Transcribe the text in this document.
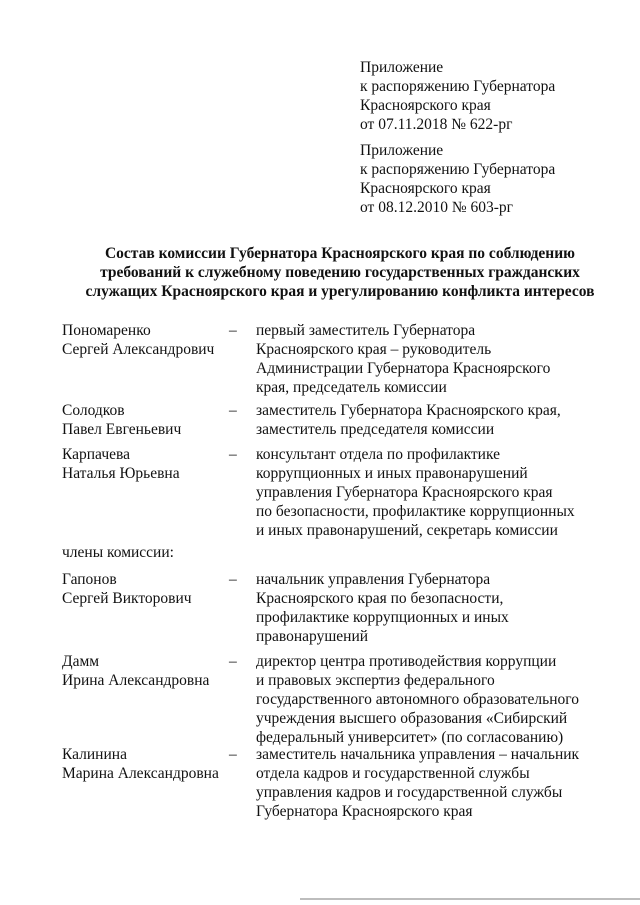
Приложение
к распоряжению Губернатора
Красноярского края
от 07.11.2018 № 622-рг
Приложение
к распоряжению Губернатора
Красноярского края
от 08.12.2010 № 603-рг
Состав комиссии Губернатора Красноярского края по соблюдению
требований к служебному поведению государственных гражданских
служащих Красноярского края и урегулированию конфликта интересов
Пономаренко
Сергей Александрович
– первый заместитель Губернатора
Красноярского края – руководитель
Администрации Губернатора Красноярского
края, председатель комиссии
Солодков
Павел Евгеньевич
– заместитель Губернатора Красноярского края,
заместитель председателя комиссии
Карпачева
Наталья Юрьевна
– консультант отдела по профилактике
коррупционных и иных правонарушений
управления Губернатора Красноярского края
по безопасности, профилактике коррупционных
и иных правонарушений, секретарь комиссии
члены комиссии:
Гапонов
Сергей Викторович
– начальник управления Губернатора
Красноярского края по безопасности,
профилактике коррупционных и иных
правонарушений
Дамм
Ирина Александровна
– директор центра противодействия коррупции
и правовых экспертиз федерального
государственного автономного образовательного
учреждения высшего образования «Сибирский
федеральный университет» (по согласованию)
Калинина
Марина Александровна
– заместитель начальника управления – начальник
отдела кадров и государственной службы
управления кадров и государственной службы
Губернатора Красноярского края
